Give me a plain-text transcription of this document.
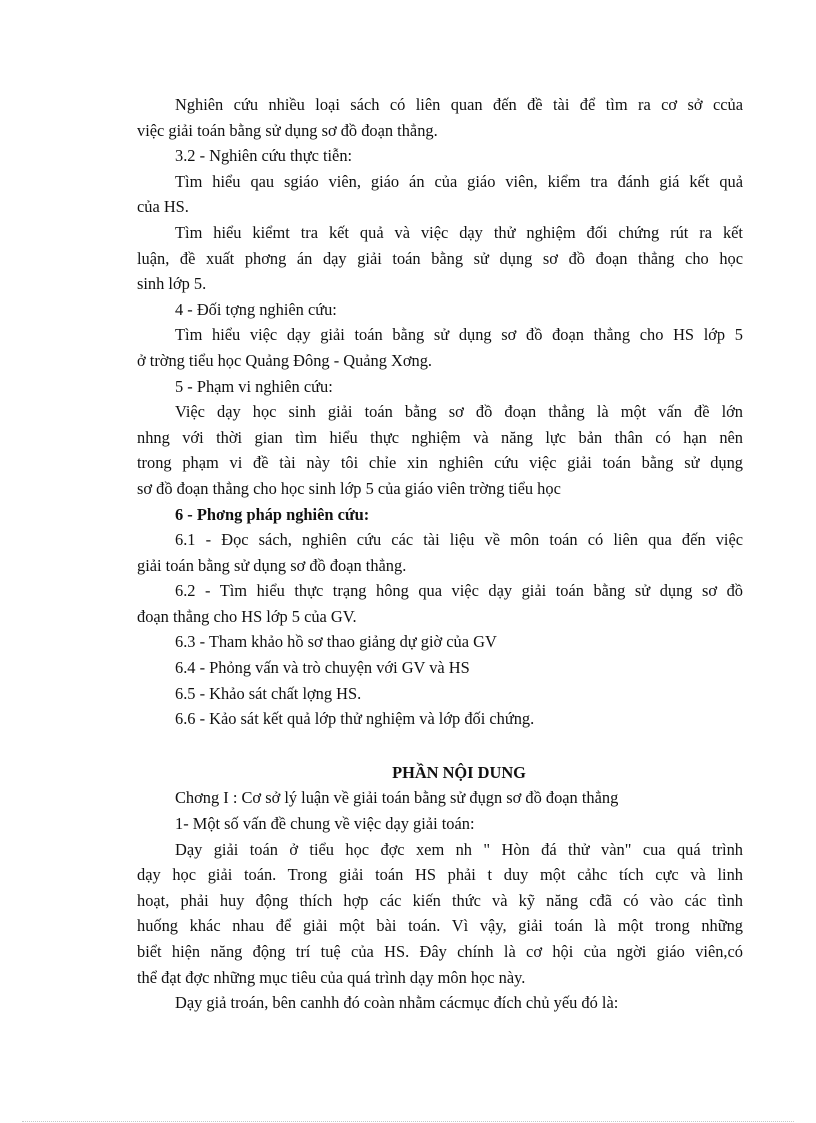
Nghiên cứu nhiều loại sách có liên quan đến đề tài để tìm ra cơ sở ccủa

việc giải toán bằng sử dụng sơ đồ đoạn thẳng.

3.2 - Nghiên cứu thực tiễn:

Tìm hiểu qau sgiáo viên, giáo án của giáo viên, kiểm tra đánh giá kết quả

của HS.

Tìm hiểu kiểmt tra kết quả và việc dạy thử nghiệm đối chứng rút ra kết

luận, đề xuất phơng án dạy giải toán bằng sử dụng sơ đồ đoạn thẳng cho học

sinh lớp 5.

4 - Đối tợng nghiên cứu:

Tìm hiểu việc dạy giải toán bằng sử dụng sơ đồ đoạn thẳng cho HS lớp 5

ở trờng tiểu học Quảng Đông - Quảng Xơng.

5 - Phạm vi nghiên cứu:

Việc dạy học sinh giải toán bằng sơ đồ đoạn thẳng là một vấn đề lớn

nhng với thời gian tìm hiểu thực nghiệm và năng lực bản thân có hạn nên

trong phạm vi đề tài này tôi chỉe xin nghiên cứu việc giải toán bằng sử dụng

sơ đồ đoạn thẳng cho học sinh lớp 5 của giáo viên trờng tiểu học

6 - Phơng pháp nghiên cứu:

6.1 - Đọc sách, nghiên cứu các tài liệu về môn toán có liên qua đến việc

giải toán bằng sử dụng sơ đồ đoạn thẳng.

6.2 - Tìm hiểu thực trạng hông qua việc dạy giải toán bằng sử dụng sơ đồ

đoạn thẳng cho HS lớp 5 của GV.

6.3 - Tham khảo hồ sơ thao giảng dự giờ của GV

6.4 - Phỏng vấn và trò chuyện với GV và HS

6.5 - Khảo sát chất lợng HS.

6.6 - Kảo sát kết quả lớp thử nghiệm và lớp đối chứng.

PHẦN NỘI DUNG

Chơng I : Cơ sở lý luận về giải toán bằng sử đụgn sơ đồ đoạn thẳng

1- Một số vấn đề chung về việc dạy giải toán:

Dạy giải toán ở tiểu học đợc xem nh " Hòn đá thử vàn" cua quá trình

dạy học giải toán. Trong giải toán HS phải t duy một cảhc tích cực và linh

hoạt, phải huy động thích hợp các kiến thức và kỹ năng cđã có vào các tình

huống khác nhau để giải một bài toán. Vì vậy, giải toán là một trong những

biểt hiện năng động trí tuệ của HS. Đây chính là cơ hội của ngời giáo viên,có

thể đạt đợc những mục tiêu của quá trình dạy môn học này.

Dạy giả troán, bên canhh đó coàn nhằm cácmục đích chủ yếu đó là:
